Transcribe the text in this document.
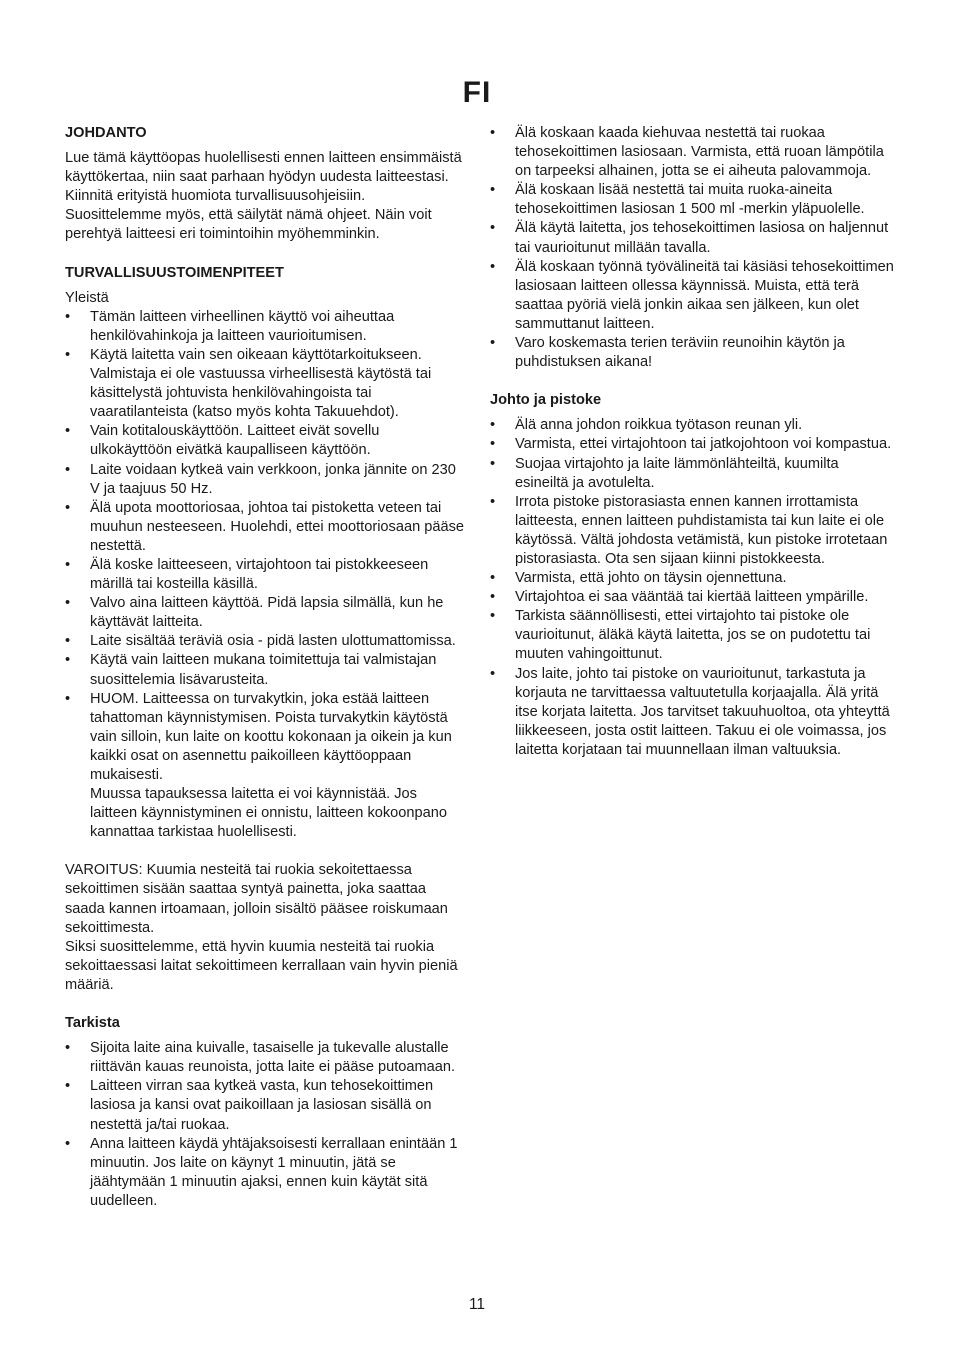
FI
JOHDANTO

Lue tämä käyttöopas huolellisesti ennen laitteen ensimmäistä käyttökertaa, niin saat parhaan hyödyn uudesta laitteestasi. Kiinnitä erityistä huomiota turvallisuusohjeisiin. Suosittelemme myös, että säilytät nämä ohjeet. Näin voit perehtyä laitteesi eri toimintoihin myöhemminkin.

TURVALLISUUSTOIMENPITEET

Yleistä

• Tämän laitteen virheellinen käyttö voi aiheuttaa henkilövahinkoja ja laitteen vaurioitumisen.
• Käytä laitetta vain sen oikeaan käyttötarkoitukseen. Valmistaja ei ole vastuussa virheellisestä käytöstä tai käsittelystä johtuvista henkilövahingoista tai vaaratilanteista (katso myös kohta Takuuehdot).
• Vain kotitalouskäyttöön. Laitteet eivät sovellu ulkokäyttöön eivätkä kaupalliseen käyttöön.
• Laite voidaan kytkeä vain verkkoon, jonka jännite on 230 V ja taajuus 50 Hz.
• Älä upota moottoriosaa, johtoa tai pistoketta veteen tai muuhun nesteeseen. Huolehdi, ettei moottoriosaan pääse nestettä.
• Älä koske laitteeseen, virtajohtoon tai pistokkeeseen märillä tai kosteilla käsillä.
• Valvo aina laitteen käyttöä. Pidä lapsia silmällä, kun he käyttävät laitteita.
• Laite sisältää teräviä osia - pidä lasten ulottumattomissa.
• Käytä vain laitteen mukana toimitettuja tai valmistajan suosittelemia lisävarusteita.
• HUOM. Laitteessa on turvakytkin, joka estää laitteen tahattoman käynnistymisen. Poista turvakytkin käytöstä vain silloin, kun laite on koottu kokonaan ja oikein ja kun kaikki osat on asennettu paikoilleen käyttöoppaan mukaisesti.

Muussa tapauksessa laitetta ei voi käynnistää. Jos laitteen käynnistyminen ei onnistu, laitteen kokoonpano kannattaa tarkistaa huolellisesti.

VAROITUS: Kuumia nesteitä tai ruokia sekoitettaessa sekoittimen sisään saattaa syntyä painetta, joka saattaa saada kannen irtoamaan, jolloin sisältö pääsee roiskumaan sekoittimesta.

Siksi suosittelemme, että hyvin kuumia nesteitä tai ruokia sekoittaessasi laitat sekoittimeen kerrallaan vain hyvin pieniä määriä.

Tarkista
• Sijoita laite aina kuivalle, tasaiselle ja tukevalle alustalle riittävän kauas reunoista, jotta laite ei pääse putoamaan.
• Laitteen virran saa kytkeä vasta, kun tehosekoittimen lasiosa ja kansi ovat paikoillaan ja lasiosan sisällä on nestettä ja/tai ruokaa.
• Anna laitteen käydä yhtäjaksoisesti kerrallaan enintään 1 minuutin. Jos laite on käynyt 1 minuutin, jätä se jäähtymään 1 minuutin ajaksi, ennen kuin käytät sitä uudelleen.
• Älä koskaan kaada kiehuvaa nestettä tai ruokaa tehosekoittimen lasiosaan. Varmista, että ruoan lämpötila on tarpeeksi alhainen, jotta se ei aiheuta palovammoja.
• Älä koskaan lisää nestettä tai muita ruoka-aineita tehosekoittimen lasiosan 1 500 ml -merkin yläpuolelle.
• Älä käytä laitetta, jos tehosekoittimen lasiosa on haljennut tai vaurioitunut millään tavalla.
• Älä koskaan työnnä työvälineitä tai käsiäsi tehosekoittimen lasiosaan laitteen ollessa käynnissä. Muista, että terä saattaa pyöriä vielä jonkin aikaa sen jälkeen, kun olet sammuttanut laitteen.
• Varo koskemasta terien teräviin reunoihin käytön ja puhdistuksen aikana!
Johto ja pistoke
• Älä anna johdon roikkua työtason reunan yli.
• Varmista, ettei virtajohtoon tai jatkojohtoon voi kompastua.
• Suojaa virtajohto ja laite lämmönlähteiltä, kuumilta esineiltä ja avotulelta.
• Irrota pistoke pistorasiasta ennen kannen irrottamista laitteesta, ennen laitteen puhdistamista tai kun laite ei ole käytössä. Vältä johdosta vetämistä, kun pistoke irrotetaan pistorasiasta. Ota sen sijaan kiinni pistokkeesta.
• Varmista, että johto on täysin ojennettuna.
• Virtajohtoa ei saa vääntää tai kiertää laitteen ympärille.
• Tarkista säännöllisesti, ettei virtajohto tai pistoke ole vaurioitunut, äläkä käytä laitetta, jos se on pudotettu tai muuten vahingoittunut.
• Jos laite, johto tai pistoke on vaurioitunut, tarkastuta ja korjauta ne tarvittaessa valtuutetulla korjaajalla. Älä yritä itse korjata laitetta. Jos tarvitset takuuhuoltoa, ota yhteyttä liikkeeseen, josta ostit laitteen. Takuu ei ole voimassa, jos laitetta korjataan tai muunnellaan ilman valtuuksia.
11
